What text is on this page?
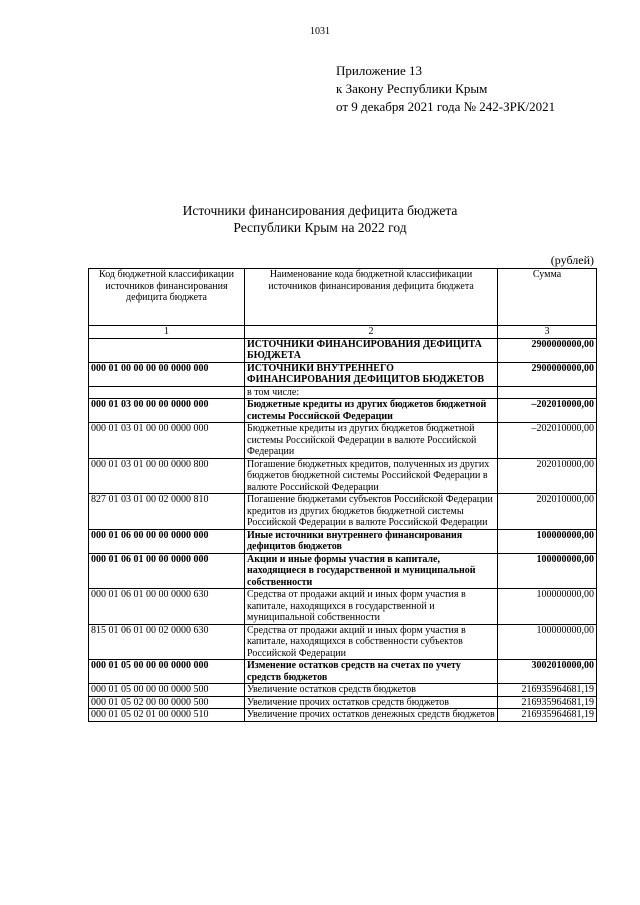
1031
Приложение 13
к Закону Республики Крым
от 9 декабря 2021 года № 242-ЗРК/2021
Источники финансирования дефицита бюджета
Республики Крым на 2022 год
(рублей)
Код бюджетной классификации источников финансирования дефицита бюджета	Наименование кода бюджетной классификации источников финансирования дефицита бюджета	Сумма
1	2	3
	ИСТОЧНИКИ ФИНАНСИРОВАНИЯ ДЕФИЦИТА БЮДЖЕТА	2900000000,00
000 01 00 00 00 00 0000 000	ИСТОЧНИКИ ВНУТРЕННЕГО ФИНАНСИРОВАНИЯ ДЕФИЦИТОВ БЮДЖЕТОВ	2900000000,00
	в том числе:	
000 01 03 00 00 00 0000 000	Бюджетные кредиты из других бюджетов бюджетной системы Российской Федерации	–202010000,00
000 01 03 01 00 00 0000 000	Бюджетные кредиты из других бюджетов бюджетной системы Российской Федерации в валюте Российской Федерации	–202010000,00
000 01 03 01 00 00 0000 800	Погашение бюджетных кредитов, полученных из других бюджетов бюджетной системы Российской Федерации в валюте Российской Федерации	202010000,00
827 01 03 01 00 02 0000 810	Погашение бюджетами субъектов Российской Федерации кредитов из других бюджетов бюджетной системы Российской Федерации в валюте Российской Федерации	202010000,00
000 01 06 00 00 00 0000 000	Иные источники внутреннего финансирования дефицитов бюджетов	100000000,00
000 01 06 01 00 00 0000 000	Акции и иные формы участия в капитале, находящиеся в государственной и муниципальной собственности	100000000,00
000 01 06 01 00 00 0000 630	Средства от продажи акций и иных форм участия в капитале, находящихся в государственной и муниципальной собственности	100000000,00
815 01 06 01 00 02 0000 630	Средства от продажи акций и иных форм участия в капитале, находящихся в собственности субъектов Российской Федерации	100000000,00
000 01 05 00 00 00 0000 000	Изменение остатков средств на счетах по учету средств бюджетов	3002010000,00
000 01 05 00 00 00 0000 500	Увеличение остатков средств бюджетов	216935964681,19
000 01 05 02 00 00 0000 500	Увеличение прочих остатков средств бюджетов	216935964681,19
000 01 05 02 01 00 0000 510	Увеличение прочих остатков денежных средств бюджетов	216935964681,19
